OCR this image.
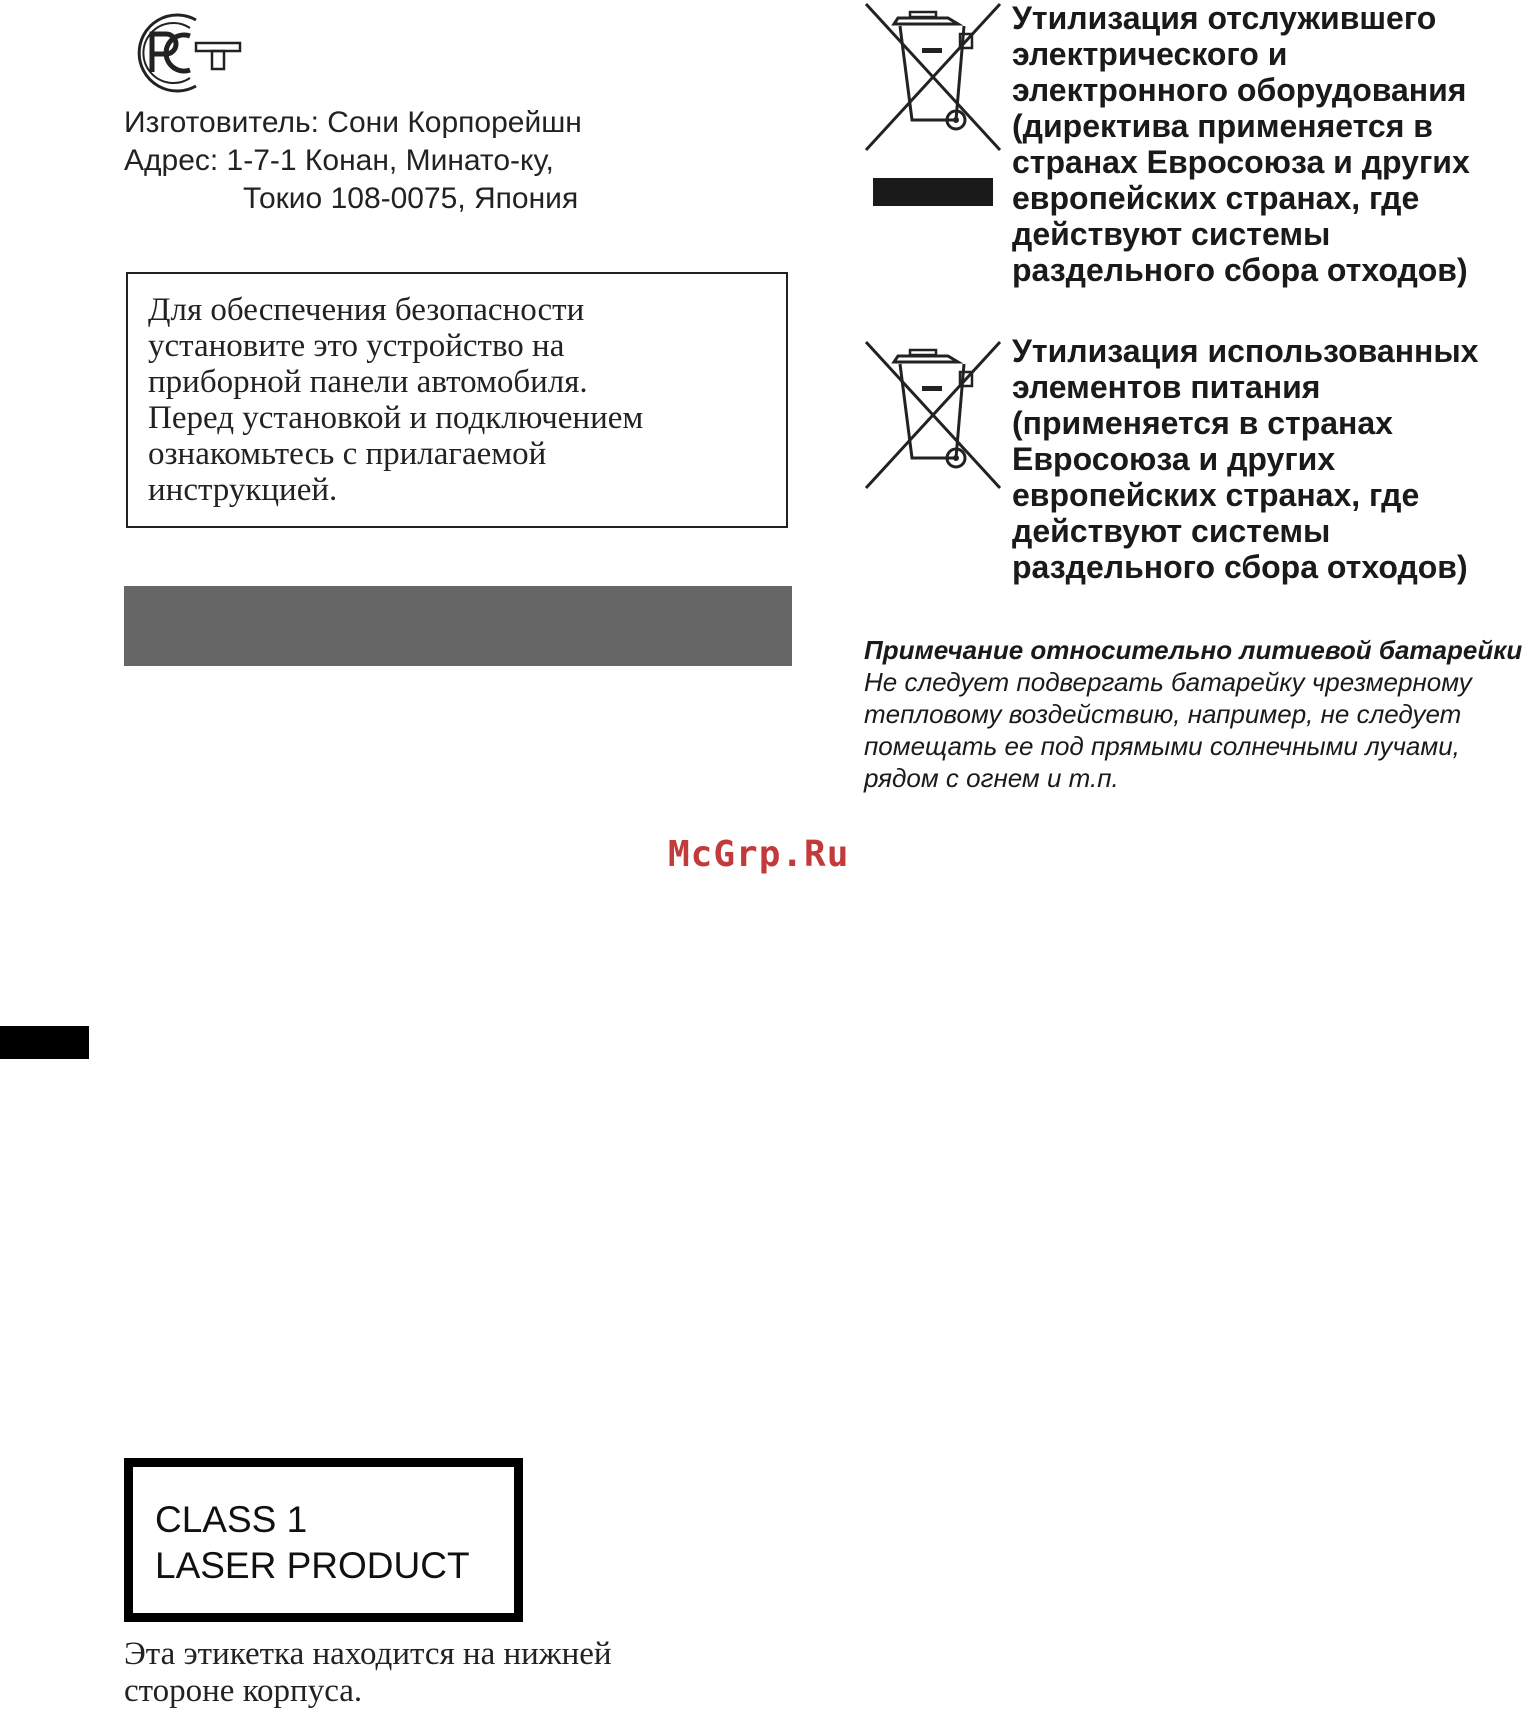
Изготовитель: Сони Корпорейшн
Адрес: 1-7-1 Конан, Минато-ку,
Токио 108-0075, Япония
Для обеспечения безопасности
установите это устройство на
приборной панели автомобиля.
Перед установкой и подключением
ознакомьтесь с прилагаемой
инструкцией.
Утилизация отслужившего
электрического и
электронного оборудования
(директива применяется в
странах Евросоюза и других
европейских странах, где
действуют системы
раздельного сбора отходов)
Утилизация использованных
элементов питания
(применяется в странах
Евросоюза и других
европейских странах, где
действуют системы
раздельного сбора отходов)
Примечание относительно литиевой батарейки
Не следует подвергать батарейку чрезмерному
тепловому воздействию, например, не следует
помещать ее под прямыми солнечными лучами,
рядом с огнем и т.п.
McGrp.Ru
CLASS 1
LASER PRODUCT
Эта этикетка находится на нижней
стороне корпуса.
